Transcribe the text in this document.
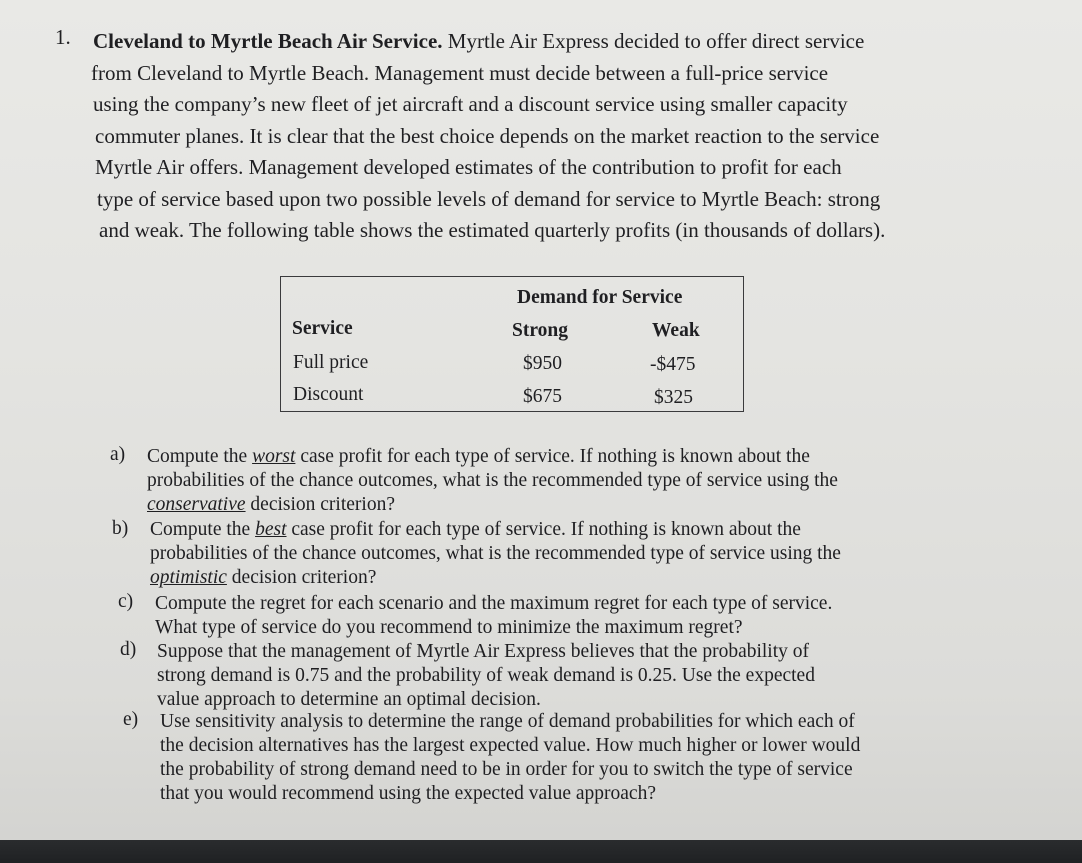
1. Cleveland to Myrtle Beach Air Service. Myrtle Air Express decided to offer direct service
from Cleveland to Myrtle Beach. Management must decide between a full-price service
using the company’s new fleet of jet aircraft and a discount service using smaller capacity
commuter planes. It is clear that the best choice depends on the market reaction to the service
Myrtle Air offers. Management developed estimates of the contribution to profit for each
type of service based upon two possible levels of demand for service to Myrtle Beach: strong
and weak. The following table shows the estimated quarterly profits (in thousands of dollars).
Demand for Service
Service	Strong	Weak
Full price	$950	-$475
Discount	$675	$325
a) Compute the worst case profit for each type of service. If nothing is known about the
probabilities of the chance outcomes, what is the recommended type of service using the
conservative decision criterion?
b) Compute the best case profit for each type of service. If nothing is known about the
probabilities of the chance outcomes, what is the recommended type of service using the
optimistic decision criterion?
c) Compute the regret for each scenario and the maximum regret for each type of service.
What type of service do you recommend to minimize the maximum regret?
d) Suppose that the management of Myrtle Air Express believes that the probability of
strong demand is 0.75 and the probability of weak demand is 0.25. Use the expected
value approach to determine an optimal decision.
e) Use sensitivity analysis to determine the range of demand probabilities for which each of
the decision alternatives has the largest expected value. How much higher or lower would
the probability of strong demand need to be in order for you to switch the type of service
that you would recommend using the expected value approach?
